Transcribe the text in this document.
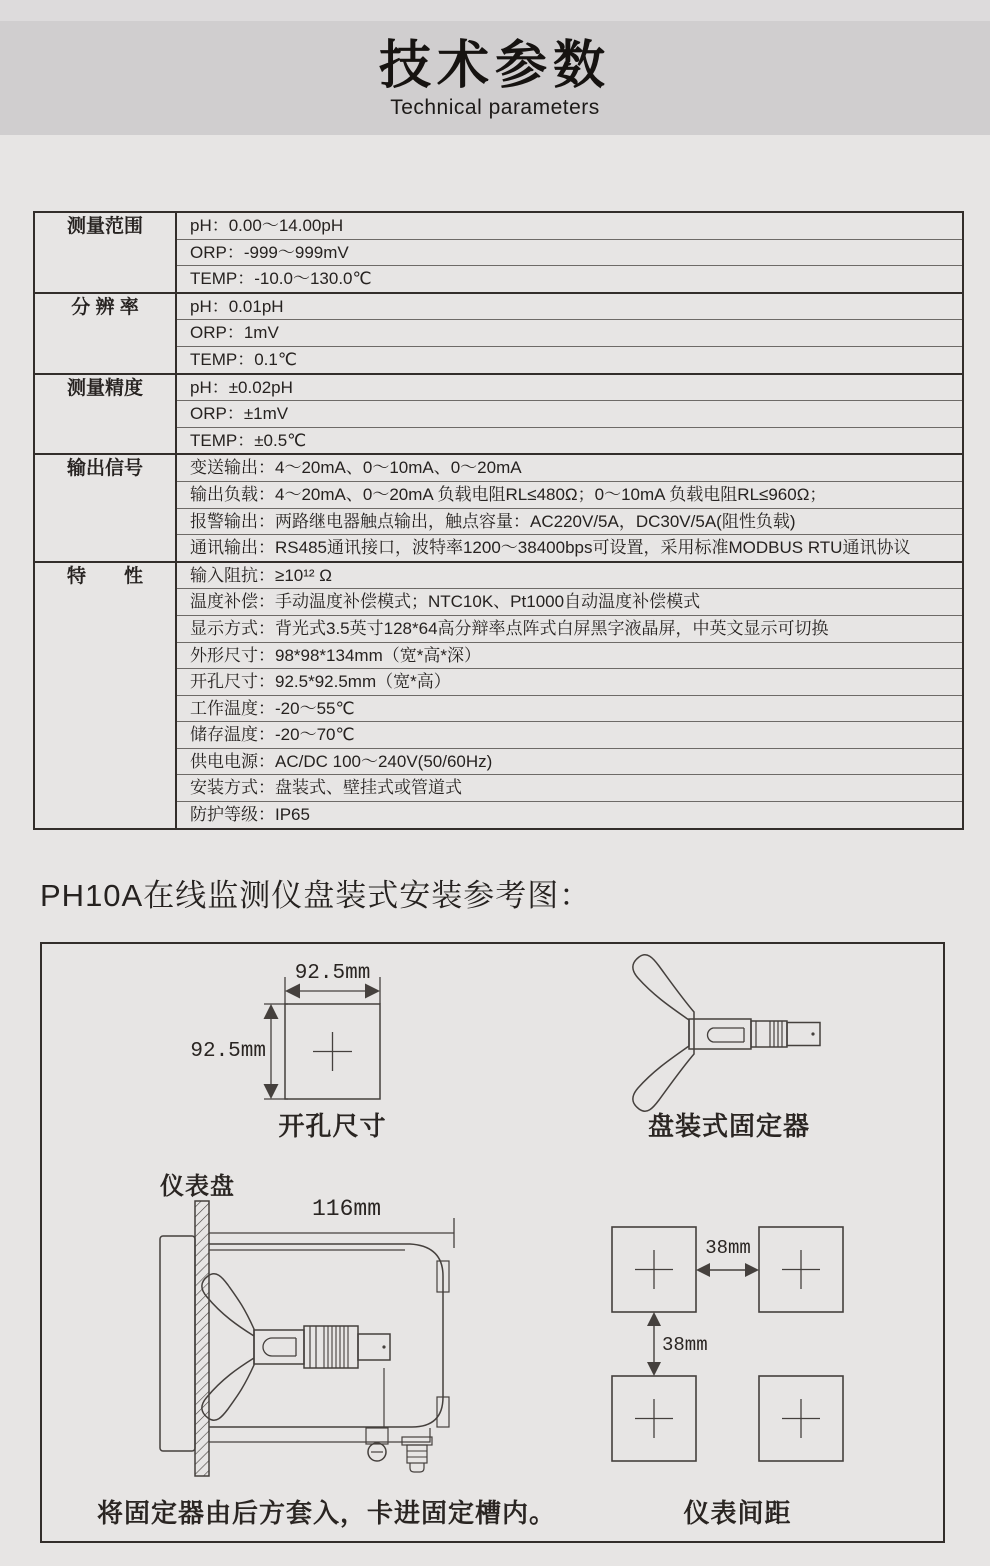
技术参数
Technical parameters
测量范围	pH：0.00～14.00pH
ORP：-999～999mV
TEMP：-10.0～130.0℃
分 辨 率	pH：0.01pH
ORP：1mV
TEMP：0.1℃
测量精度	pH：±0.02pH
ORP：±1mV
TEMP：±0.5℃
输出信号	变送输出：4～20mA、0～10mA、0～20mA
输出负载：4～20mA、0～20mA 负载电阻RL≤480Ω；0～10mA 负载电阻RL≤960Ω；
报警输出：两路继电器触点输出，触点容量：AC220V/5A，DC30V/5A(阻性负载)
通讯输出：RS485通讯接口，波特率1200～38400bps可设置，采用标准MODBUS RTU通讯协议
特　　性	输入阻抗：≥10¹² Ω
温度补偿：手动温度补偿模式；NTC10K、Pt1000自动温度补偿模式
显示方式：背光式3.5英寸128*64高分辩率点阵式白屏黑字液晶屏，中英文显示可切换
外形尺寸：98*98*134mm（宽*高*深）
开孔尺寸：92.5*92.5mm（宽*高）
工作温度：-20～55℃
储存温度：-20～70℃
供电电源：AC/DC 100～240V(50/60Hz)
安装方式：盘装式、壁挂式或管道式
防护等级：IP65
PH10A在线监测仪盘装式安装参考图：
92.5mm
92.5mm
开孔尺寸	盘装式固定器
仪表盘
116mm
将固定器由后方套入，卡进固定槽内。
38mm
38mm
仪表间距
